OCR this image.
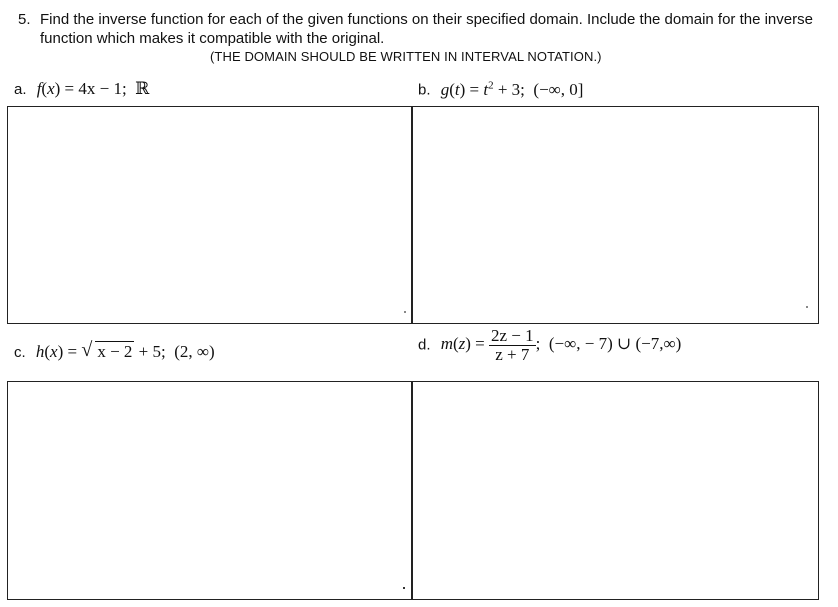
5. Find the inverse function for each of the given functions on their specified domain. Include the domain for the inverse function which makes it compatible with the original.
(THE DOMAIN SHOULD BE WRITTEN IN INTERVAL NOTATION.)
a. f(x) = 4x − 1;  ℝ	b. $g(t) = t^2 + 3$;  (−∞, 0]
c. h(x) = √ x − 2 + 5;  (2, ∞)	d. $m(z) = \frac{2z - 1}{z + 7}$ ;  (−∞, − 7) ∪ (−7,∞)
